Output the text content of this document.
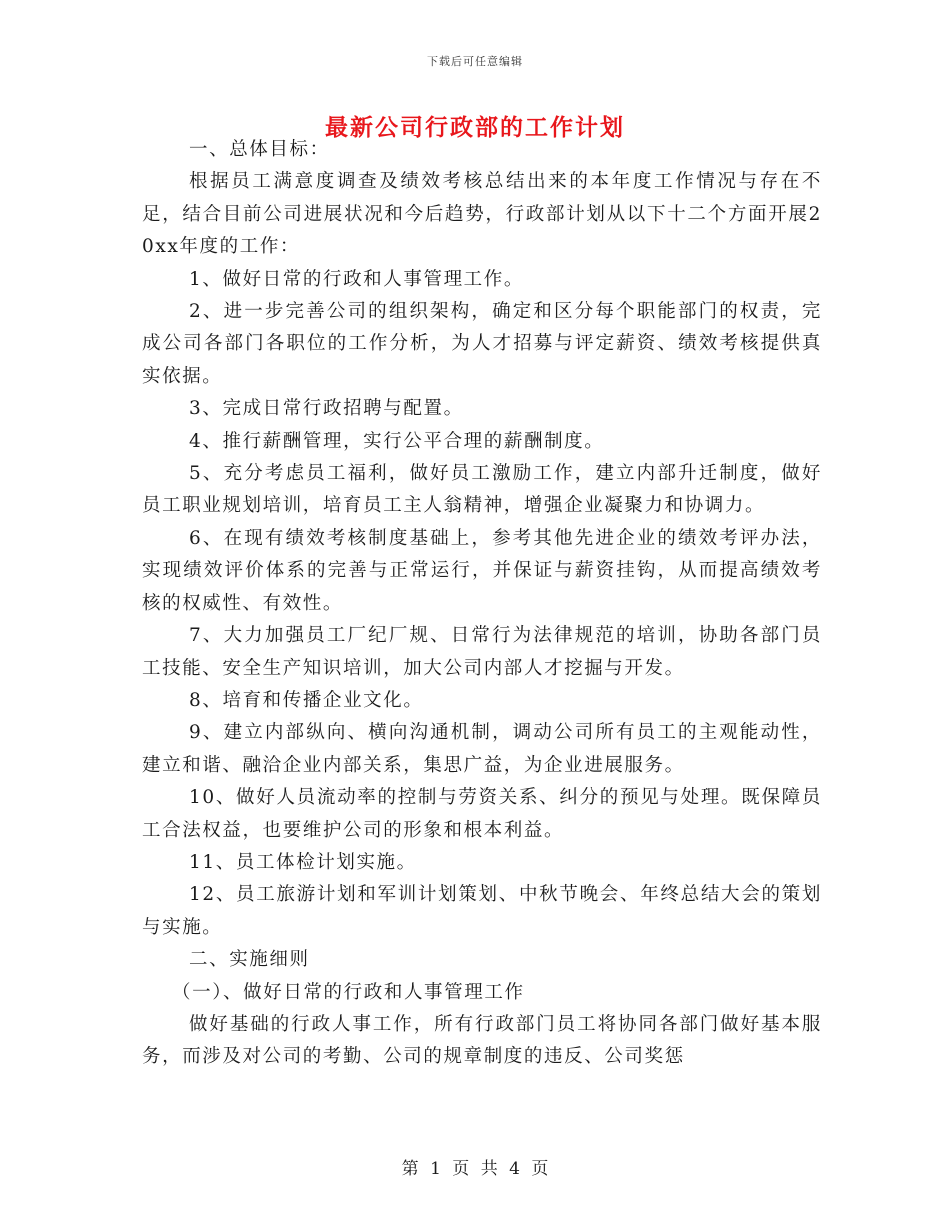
下载后可任意编辑
最新公司行政部的工作计划

一、总体目标：

根据员工满意度调查及绩效考核总结出来的本年度工作情况与存在不足，结合目前公司进展状况和今后趋势，行政部计划从以下十二个方面开展20xx年度的工作：

1、做好日常的行政和人事管理工作。

2、进一步完善公司的组织架构，确定和区分每个职能部门的权责，完成公司各部门各职位的工作分析，为人才招募与评定薪资、绩效考核提供真实依据。

3、完成日常行政招聘与配置。

4、推行薪酬管理，实行公平合理的薪酬制度。

5、充分考虑员工福利，做好员工激励工作，建立内部升迁制度，做好员工职业规划培训，培育员工主人翁精神，增强企业凝聚力和协调力。

6、在现有绩效考核制度基础上，参考其他先进企业的绩效考评办法，实现绩效评价体系的完善与正常运行，并保证与薪资挂钩，从而提高绩效考核的权威性、有效性。

7、大力加强员工厂纪厂规、日常行为法律规范的培训，协助各部门员工技能、安全生产知识培训，加大公司内部人才挖掘与开发。

8、培育和传播企业文化。

9、建立内部纵向、横向沟通机制，调动公司所有员工的主观能动性，建立和谐、融洽企业内部关系，集思广益，为企业进展服务。

10、做好人员流动率的控制与劳资关系、纠分的预见与处理。既保障员工合法权益，也要维护公司的形象和根本利益。

11、员工体检计划实施。

12、员工旅游计划和军训计划策划、中秋节晚会、年终总结大会的策划与实施。

二、实施细则

（一）、做好日常的行政和人事管理工作

做好基础的行政人事工作，所有行政部门员工将协同各部门做好基本服务，而涉及对公司的考勤、公司的规章制度的违反、公司奖惩

第 1 页 共 4 页
